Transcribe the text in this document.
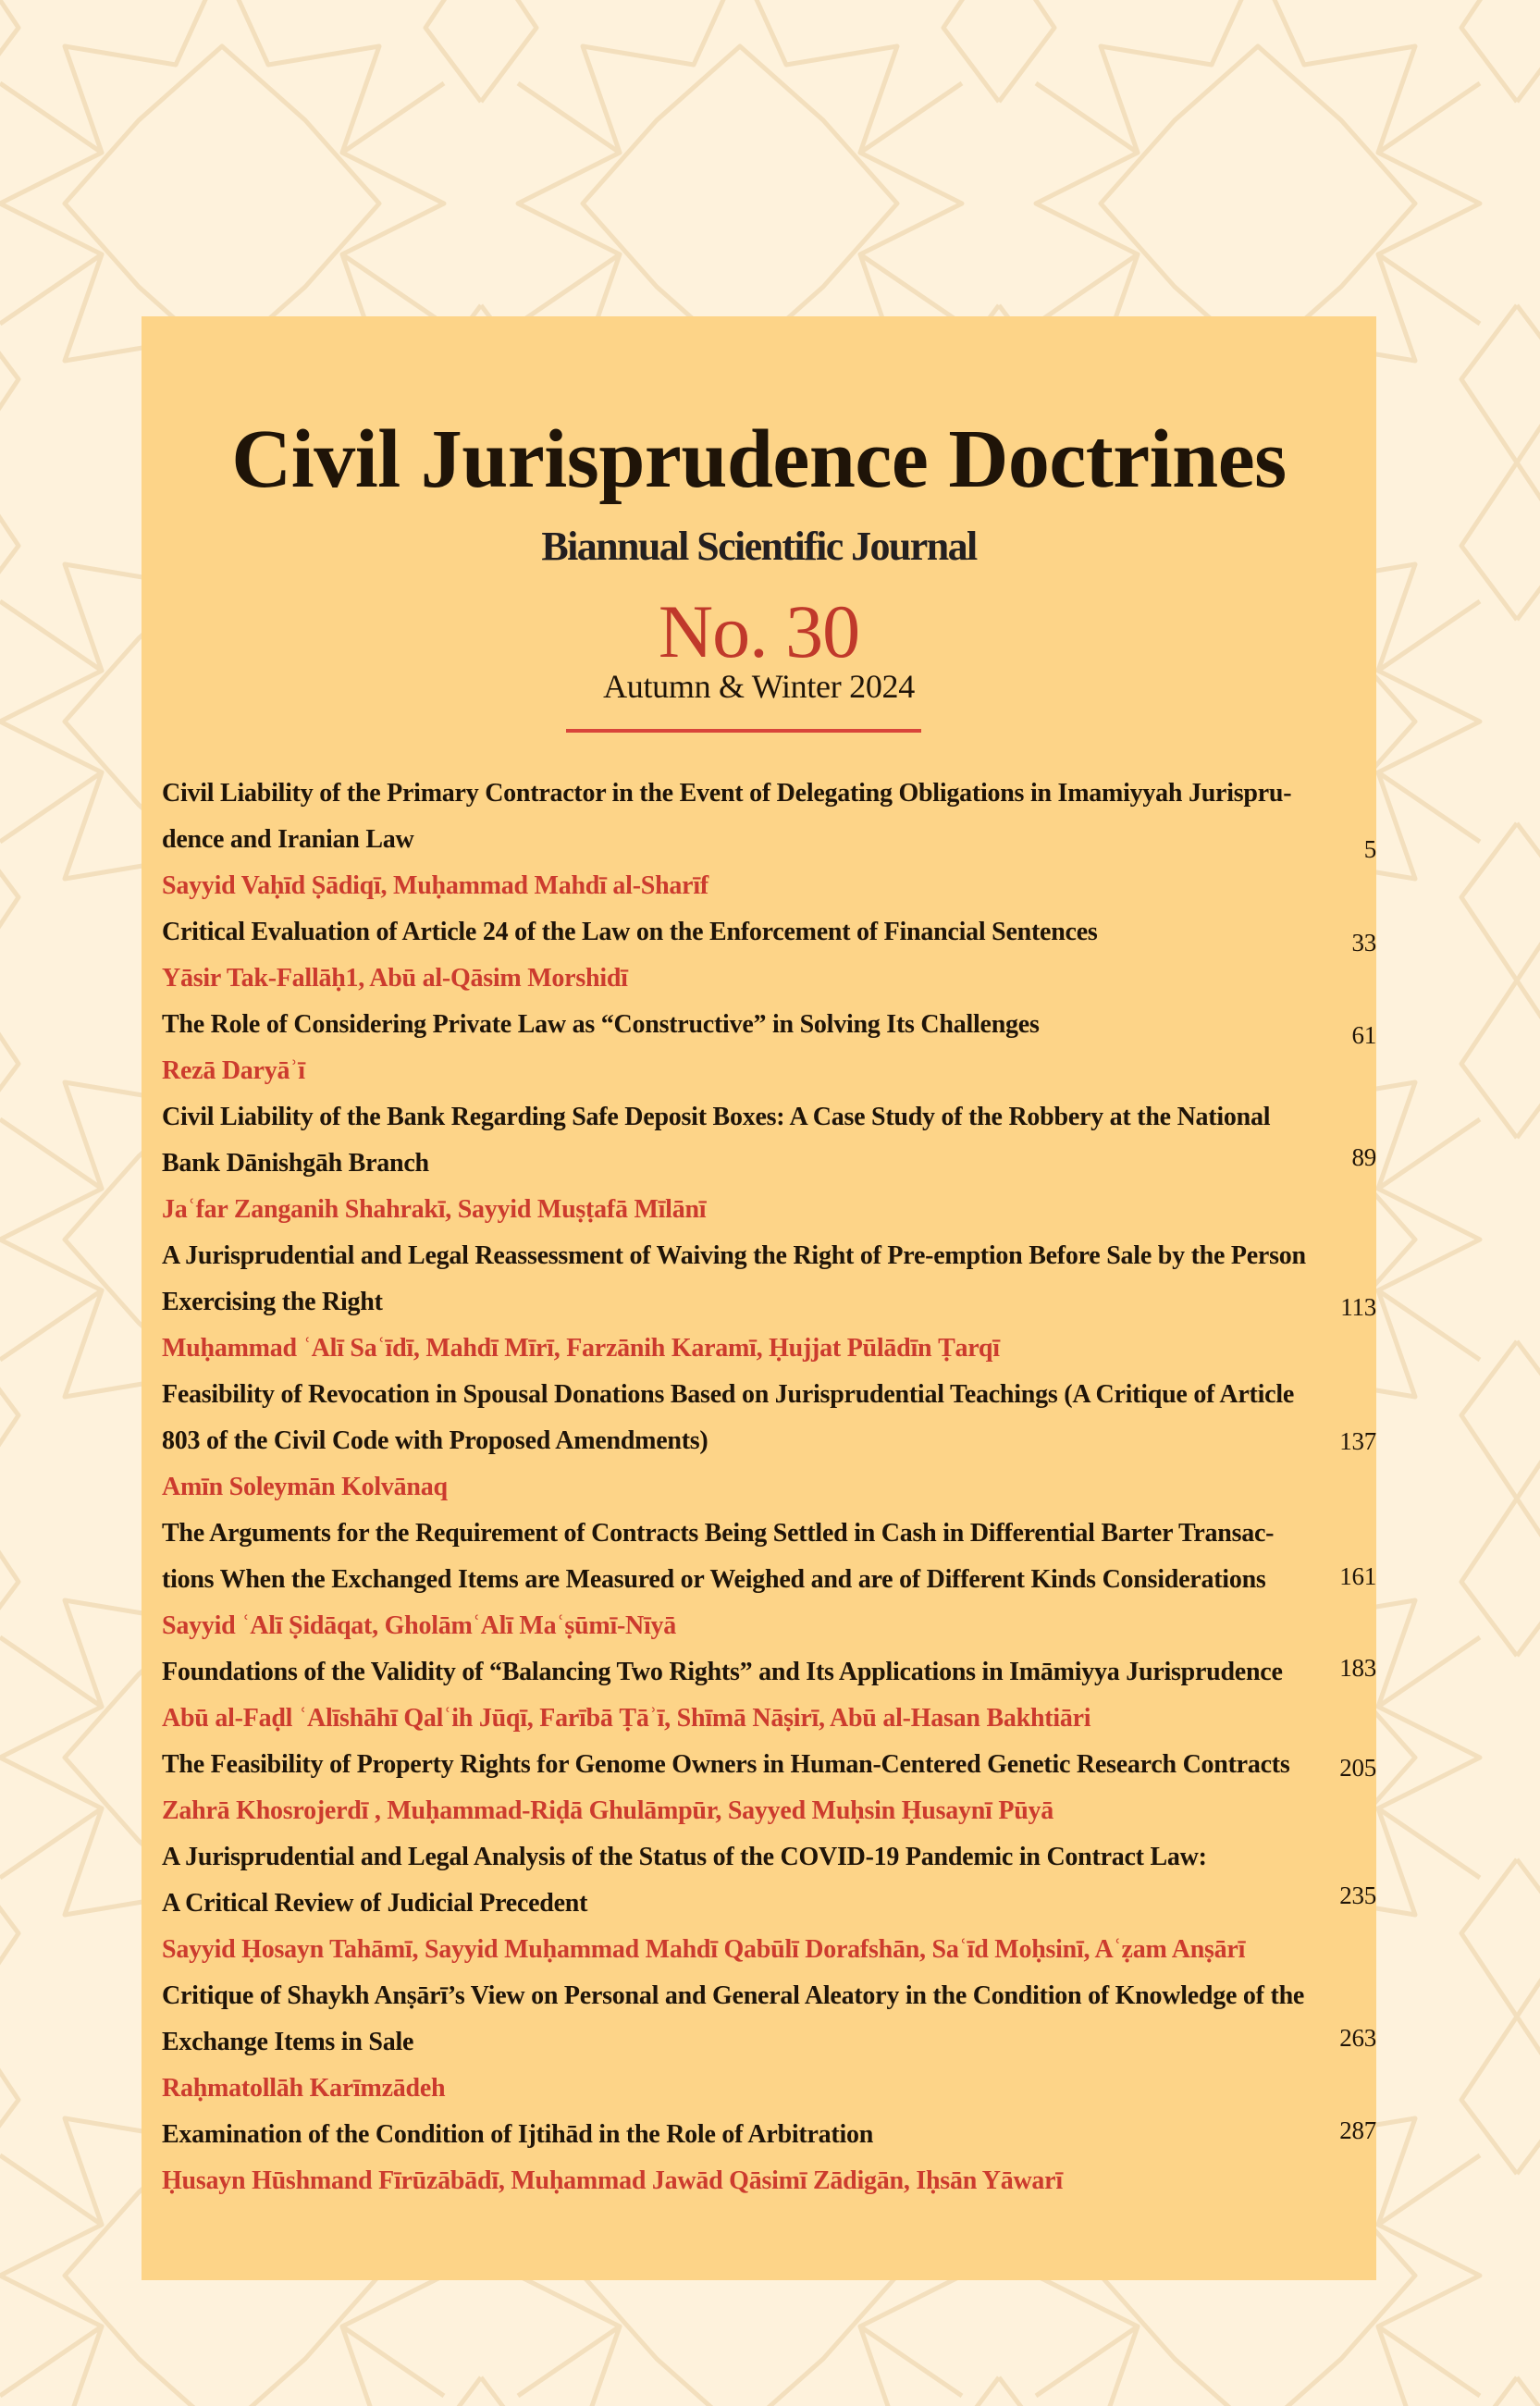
Civil Jurisprudence Doctrines
Biannual Scientific Journal
No. 30
Autumn & Winter 2024
Civil Liability of the Primary Contractor in the Event of Delegating Obligations in Imamiyyah Jurispru-
dence and Iranian Law	5
Sayyid Vaḥīd Ṣādiqī, Muḥammad Mahdī al-Sharīf
Critical Evaluation of Article 24 of the Law on the Enforcement of Financial Sentences	33
Yāsir Tak-Fallāḥ1, Abū al-Qāsim Morshidī
The Role of Considering Private Law as “Constructive” in Solving Its Challenges	61
Rezā Daryāʾī
Civil Liability of the Bank Regarding Safe Deposit Boxes: A Case Study of the Robbery at the National
Bank Dānishgāh Branch	89
Jaʿfar Zanganih Shahrakī, Sayyid Muṣṭafā Mīlānī
A Jurisprudential and Legal Reassessment of Waiving the Right of Pre-emption Before Sale by the Person
Exercising the Right	113
Muḥammad ʿAlī Saʿīdī, Mahdī Mīrī, Farzānih Karamī, Ḥujjat Pūlādīn Ṭarqī
Feasibility of Revocation in Spousal Donations Based on Jurisprudential Teachings (A Critique of Article
803 of the Civil Code with Proposed Amendments)	137
Amīn Soleymān Kolvānaq
The Arguments for the Requirement of Contracts Being Settled in Cash in Differential Barter Transac-
tions When the Exchanged Items are Measured or Weighed and are of Different Kinds Considerations	161
Sayyid ʿAlī Ṣidāqat, GholāmʿAlī Maʿṣūmī-Nīyā
Foundations of the Validity of “Balancing Two Rights” and Its Applications in Imāmiyya Jurisprudence 183
Abū al-Faḍl ʿAlīshāhī Qalʿih Jūqī, Farībā Ṭāʾī, Shīmā Nāṣirī, Abū al-Hasan Bakhtiāri
The Feasibility of Property Rights for Genome Owners in Human-Centered Genetic Research Contracts 205
Zahrā Khosrojerdī , Muḥammad-Riḍā Ghulāmpūr, Sayyed Muḥsin Ḥusaynī Pūyā
A Jurisprudential and Legal Analysis of the Status of the COVID-19 Pandemic in Contract Law:
A Critical Review of Judicial Precedent	235
Sayyid Ḥosayn Tahāmī, Sayyid Muḥammad Mahdī Qabūlī Dorafshān, Saʿīd Moḥsinī, Aʿẓam Anṣārī
Critique of Shaykh Anṣārī’s View on Personal and General Aleatory in the Condition of Knowledge of the
Exchange Items in Sale	263
Raḥmatollāh Karīmzādeh
Examination of the Condition of Ijtihād in the Role of Arbitration	287
Ḥusayn Hūshmand Fīrūzābādī, Muḥammad Jawād Qāsimī Zādigān, Iḥsān Yāwarī
